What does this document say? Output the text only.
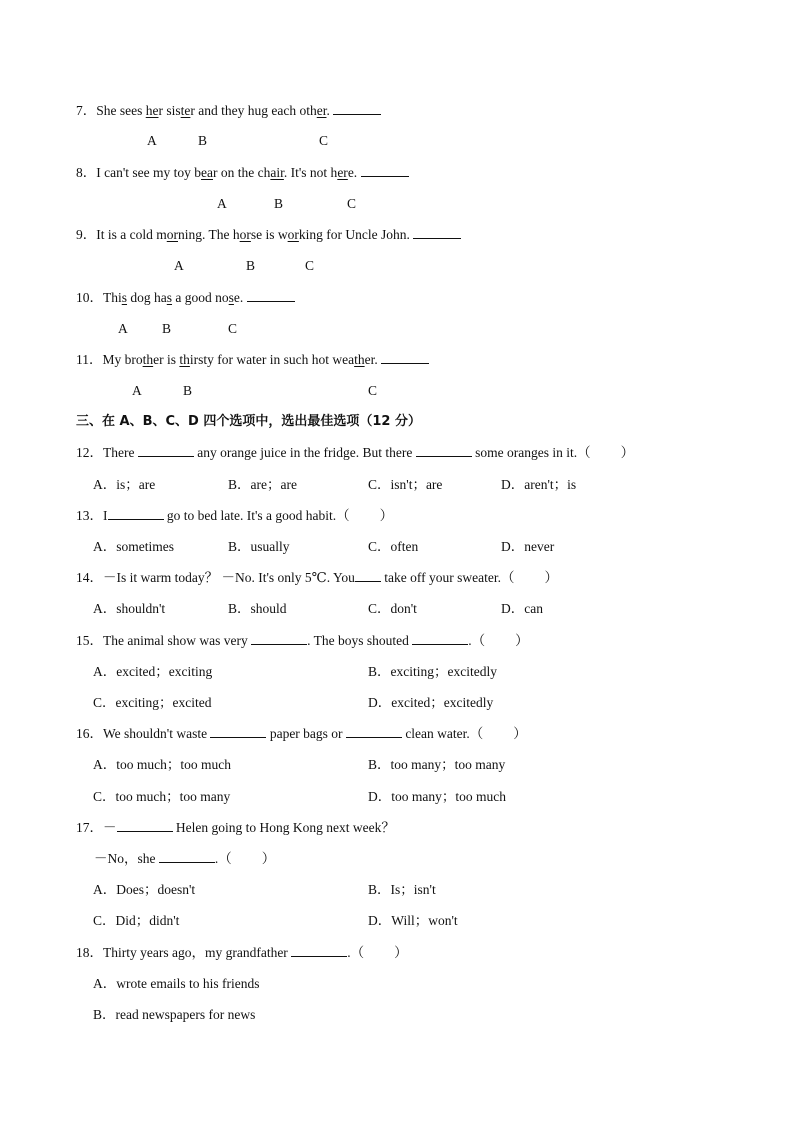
7．She sees her sister and they hug each other.
A	B	C
8．I can't see my toy bear on the chair. It's not here.
A	B	C
9．It is a cold morning. The horse is working for Uncle John.
A	B	C
10．This dog has a good nose.
A	B	C
11．My brother is thirsty for water in such hot weather.
A	B	C
三、在 A、B、C、D 四个选项中，选出最佳选项（12 分）
12．There	any orange juice in the fridge. But there	some oranges in it.（ ）
A．is；are	B．are；are	C．isn't；are	D．aren't；is
13．I	go to bed late. It's a good habit.（ ）
A．sometimes	B．usually	C．often	D．never
14．－Is it warm today？ －No. It's only 5℃. You take off your sweater.（ ）
A．shouldn't	B．should	C．don't	D．can
15．The animal show was very	. The boys shouted	.（ ）
A．excited；exciting	B．exciting；excitedly
C．exciting；excited	D．excited；excitedly
16．We shouldn't waste	paper bags or	clean water.（ ）
A．too much；too much	B．too many；too many
C．too much；too many	D．too many；too much
17．－	Helen going to Hong Kong next week？
－No，she	.（ ）
A．Does；doesn't	B．Is；isn't
C．Did；didn't	D．Will；won't
18．Thirty years ago，my grandfather	.（ ）
A．wrote emails to his friends
B．read newspapers for news
